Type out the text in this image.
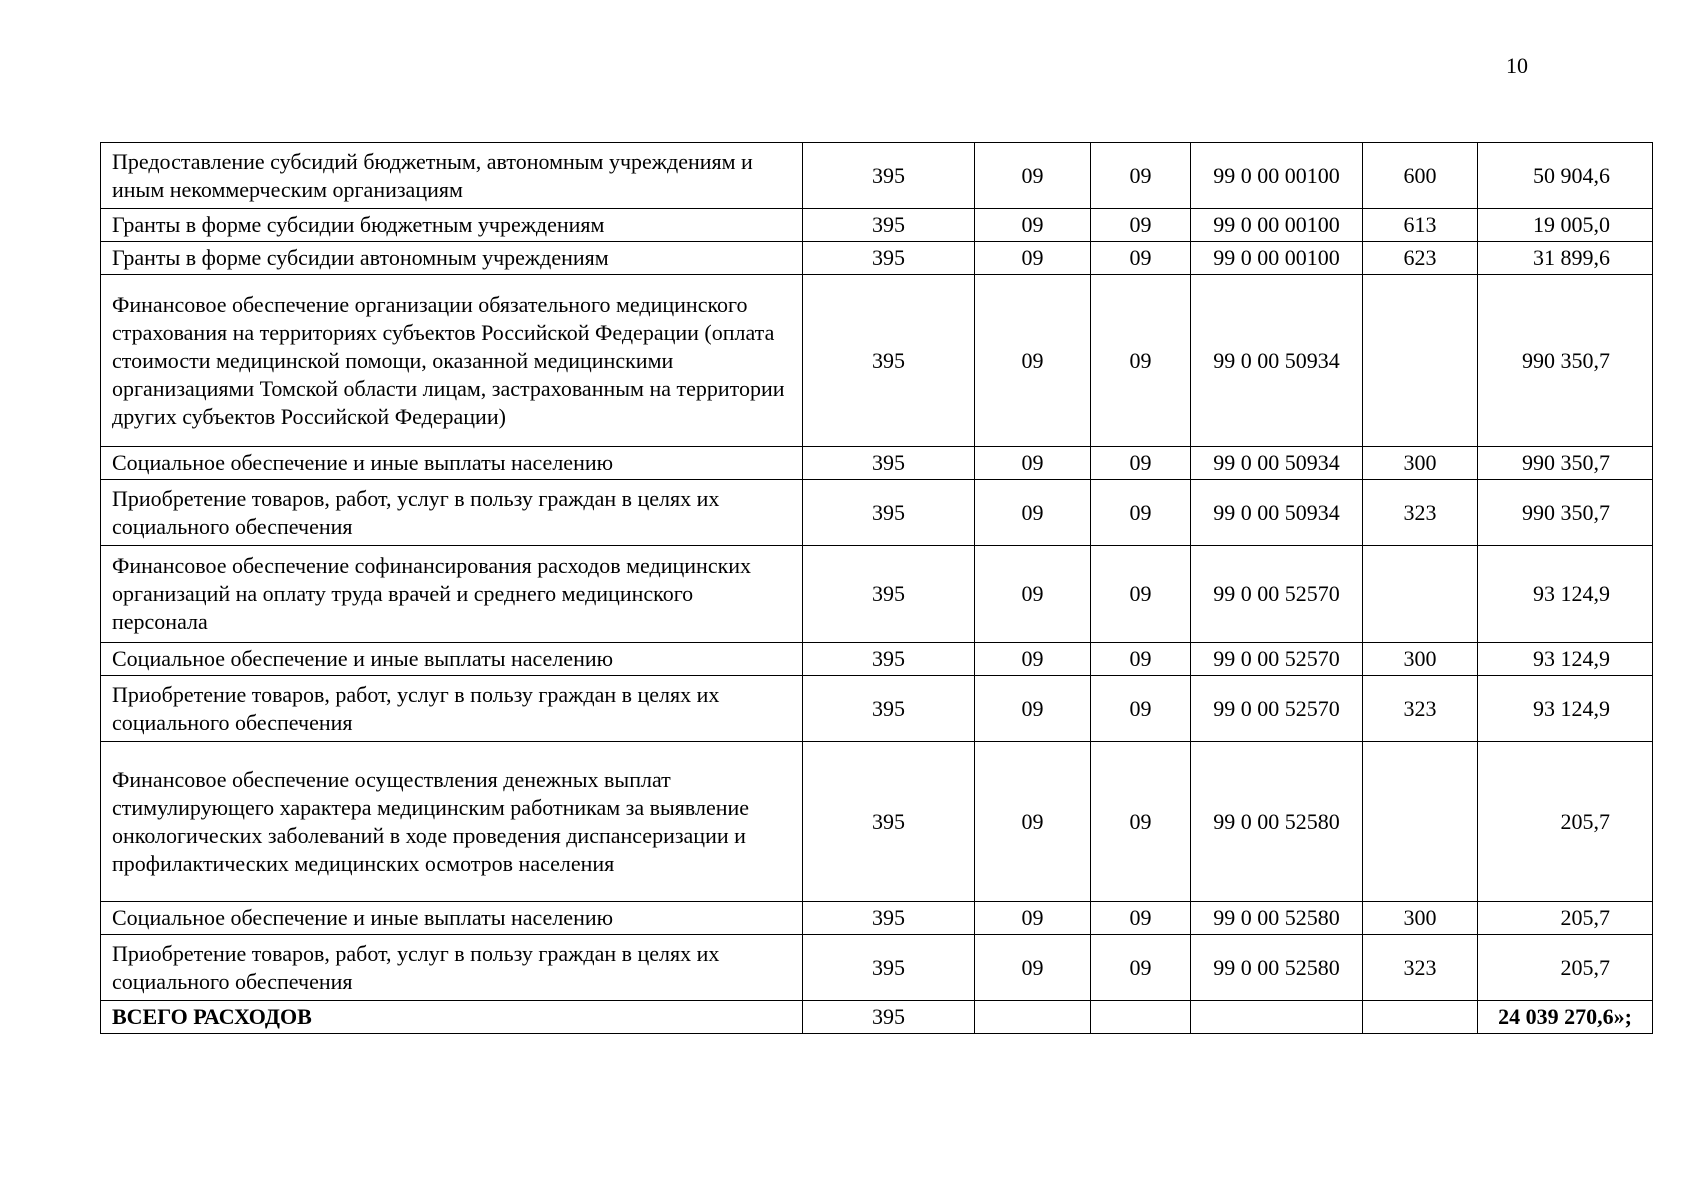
10
Предоставление субсидий бюджетным, автономным учреждениям и иным некоммерческим организациям	395	09	09	99 0 00 00100	600	50 904,6
Гранты в форме субсидии бюджетным учреждениям	395	09	09	99 0 00 00100	613	19 005,0
Гранты в форме субсидии автономным учреждениям	395	09	09	99 0 00 00100	623	31 899,6
Финансовое обеспечение организации обязательного медицинского страхования на территориях субъектов Российской Федерации (оплата стоимости медицинской помощи, оказанной медицинскими организациями Томской области лицам, застрахованным на территории других субъектов Российской Федерации)	395	09	09	99 0 00 50934		990 350,7
Социальное обеспечение и иные выплаты населению	395	09	09	99 0 00 50934	300	990 350,7
Приобретение товаров, работ, услуг в пользу граждан в целях их социального обеспечения	395	09	09	99 0 00 50934	323	990 350,7
Финансовое обеспечение софинансирования расходов медицинских организаций на оплату труда врачей и среднего медицинского персонала	395	09	09	99 0 00 52570		93 124,9
Социальное обеспечение и иные выплаты населению	395	09	09	99 0 00 52570	300	93 124,9
Приобретение товаров, работ, услуг в пользу граждан в целях их социального обеспечения	395	09	09	99 0 00 52570	323	93 124,9
Финансовое обеспечение осуществления денежных выплат стимулирующего характера медицинским работникам за выявление онкологических заболеваний в ходе проведения диспансеризации и профилактических медицинских осмотров населения	395	09	09	99 0 00 52580		205,7
Социальное обеспечение и иные выплаты населению	395	09	09	99 0 00 52580	300	205,7
Приобретение товаров, работ, услуг в пользу граждан в целях их социального обеспечения	395	09	09	99 0 00 52580	323	205,7
ВСЕГО РАСХОДОВ	395					24 039 270,6»;
